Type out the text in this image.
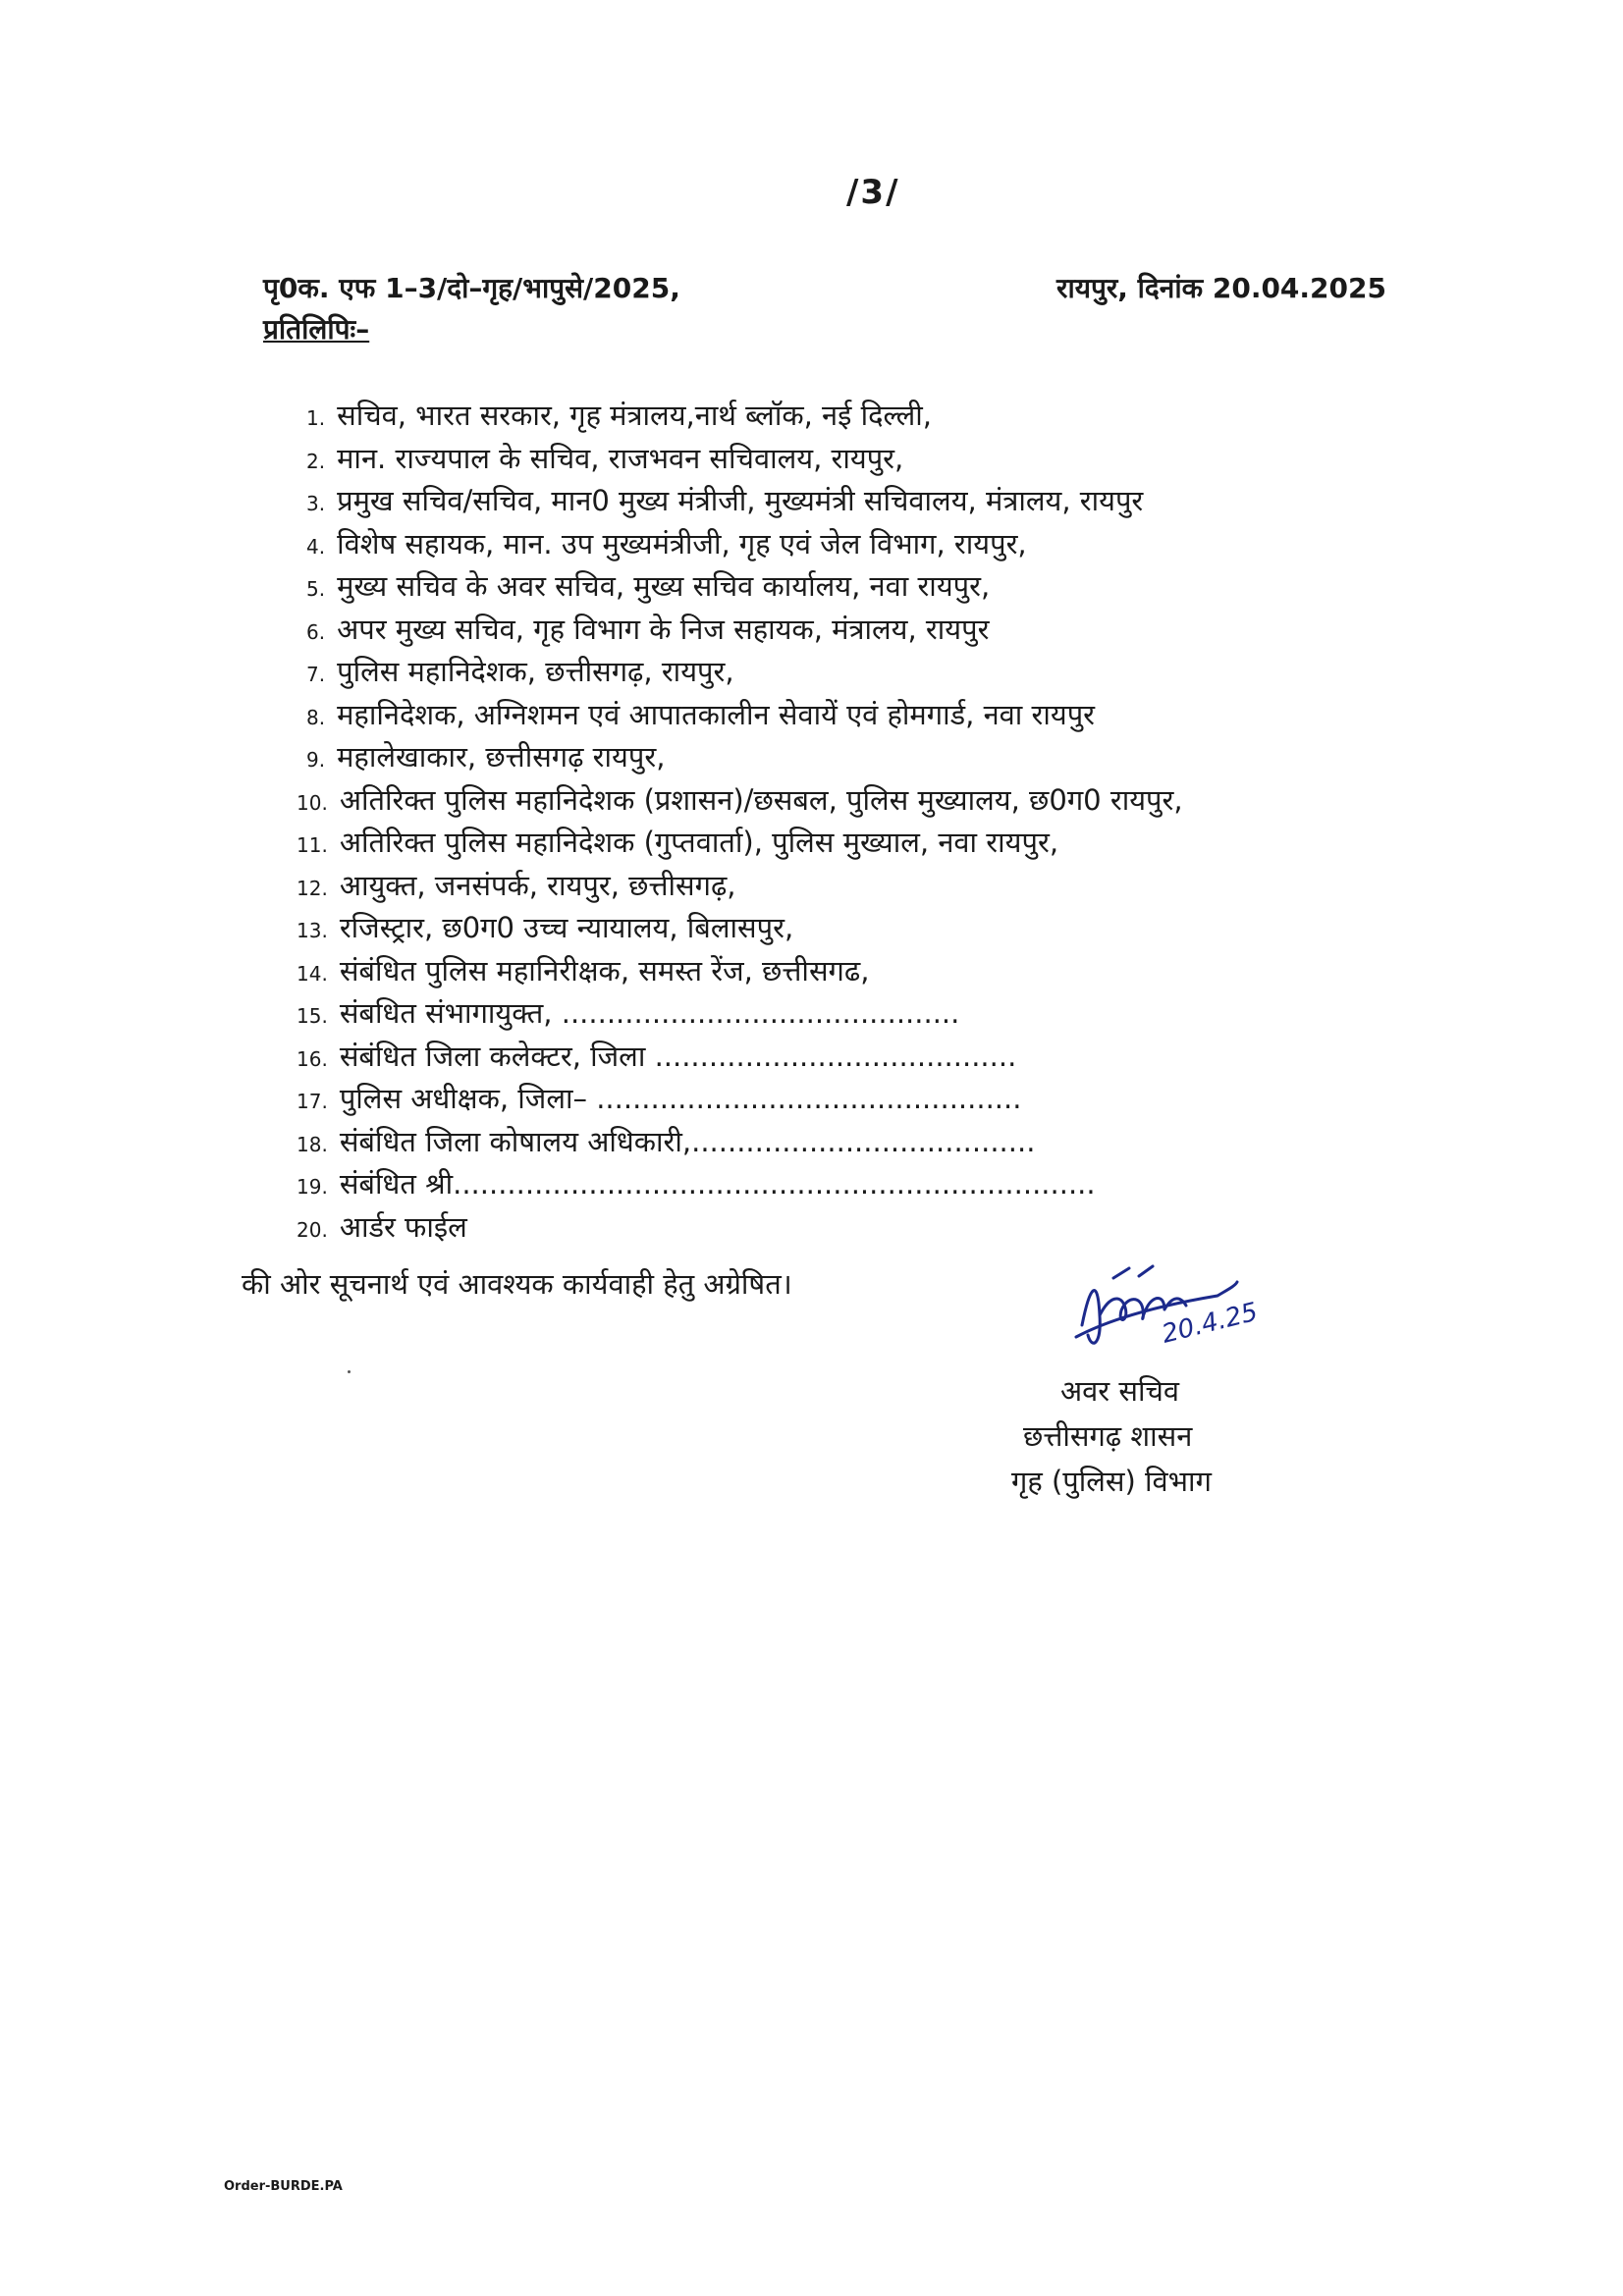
/3/
पृ0क. एफ 1–3/दो–गृह/भापुसे/2025,	रायपुर, दिनांक 20.04.2025
प्रतिलिपिः–
1. सचिव, भारत सरकार, गृह मंत्रालय,नार्थ ब्लॉक, नई दिल्ली,
2. मान. राज्यपाल के सचिव, राजभवन सचिवालय, रायपुर,
3. प्रमुख सचिव/सचिव, मान0 मुख्य मंत्रीजी, मुख्यमंत्री सचिवालय, मंत्रालय, रायपुर
4. विशेष सहायक, मान. उप मुख्यमंत्रीजी, गृह एवं जेल विभाग, रायपुर,
5. मुख्य सचिव के अवर सचिव, मुख्य सचिव कार्यालय, नवा रायपुर,
6. अपर मुख्य सचिव, गृह विभाग के निज सहायक, मंत्रालय, रायपुर
7. पुलिस महानिदेशक, छत्तीसगढ़, रायपुर,
8. महानिदेशक, अग्निशमन एवं आपातकालीन सेवायें एवं होमगार्ड, नवा रायपुर
9. महालेखाकार, छत्तीसगढ़ रायपुर,
10. अतिरिक्त पुलिस महानिदेशक (प्रशासन)/छसबल, पुलिस मुख्यालय, छ0ग0 रायपुर,
11. अतिरिक्त पुलिस महानिदेशक (गुप्तवार्ता), पुलिस मुख्याल, नवा रायपुर,
12. आयुक्त, जनसंपर्क, रायपुर, छत्तीसगढ़,
13. रजिस्ट्रार, छ0ग0 उच्च न्यायालय, बिलासपुर,
14. संबंधित पुलिस महानिरीक्षक, समस्त रेंज, छत्तीसगढ,
15. संबधित संभागायुक्त, ............................................
16. संबंधित जिला कलेक्टर, जिला ........................................
17. पुलिस अधीक्षक, जिला– ...............................................
18. संबंधित जिला कोषालय अधिकारी,......................................
19. संबंधित श्री.......................................................................
20. आर्डर फाईल
की ओर सूचनार्थ एवं आवश्यक कार्यवाही हेतु अग्रेषित।
20.4.25
अवर सचिव
छत्तीसगढ़ शासन
गृह (पुलिस) विभाग
Order-BURDE.PA
